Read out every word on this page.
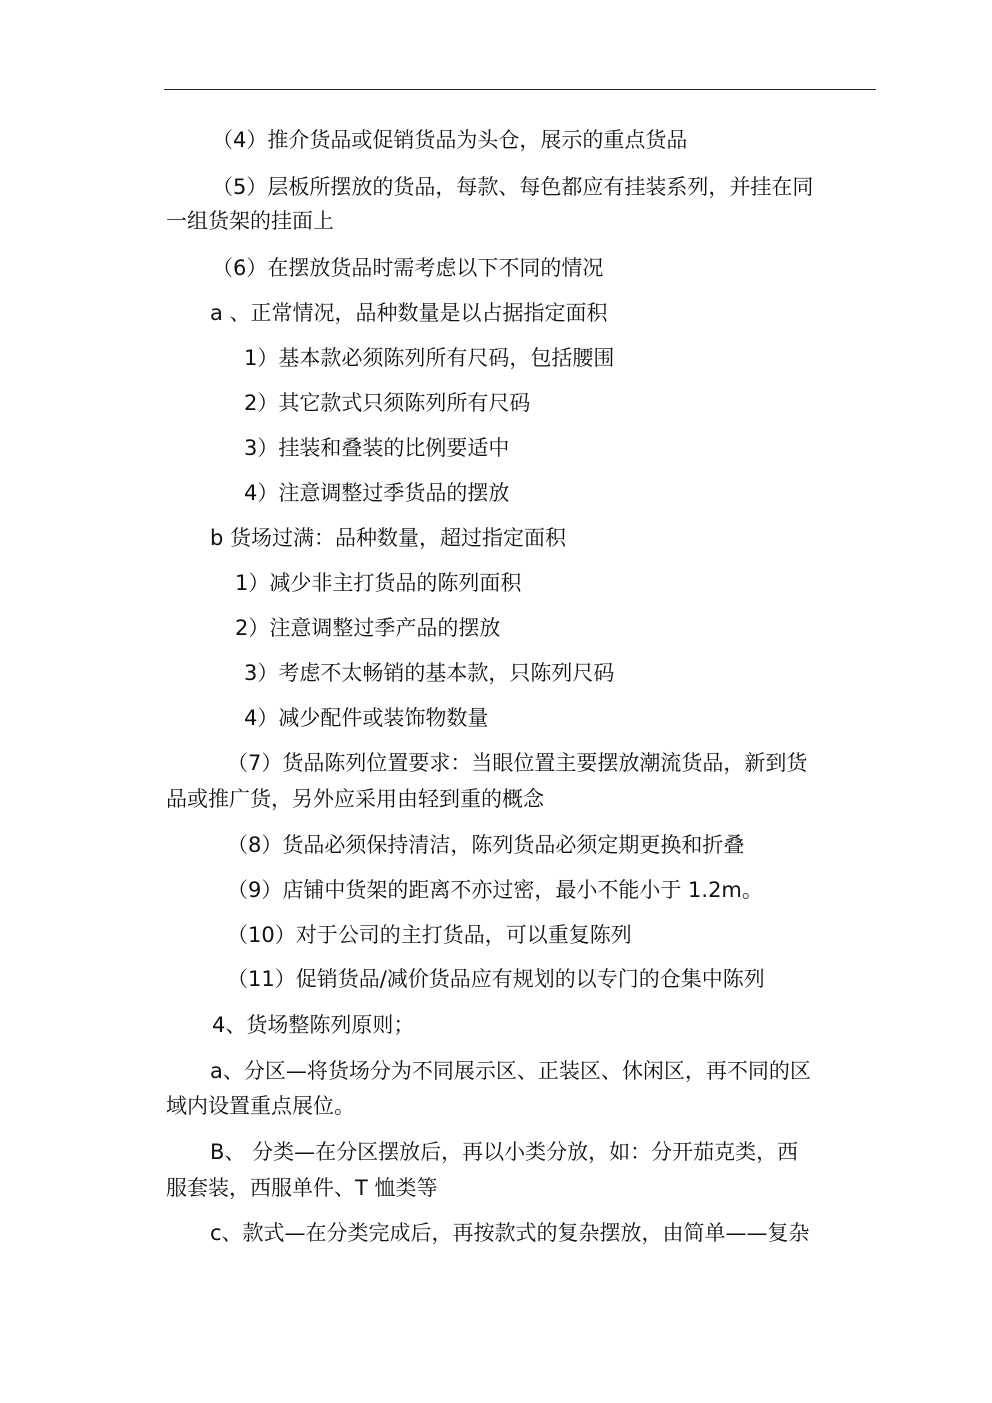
（4）推介货品或促销货品为头仓，展示的重点货品
（5）层板所摆放的货品，每款、每色都应有挂装系列，并挂在同
一组货架的挂面上
（6）在摆放货品时需考虑以下不同的情况
a 、正常情况，品种数量是以占据指定面积
1）基本款必须陈列所有尺码，包括腰围
2）其它款式只须陈列所有尺码
3）挂装和叠装的比例要适中
4）注意调整过季货品的摆放
b 货场过满：品种数量，超过指定面积
1）减少非主打货品的陈列面积
2）注意调整过季产品的摆放
3）考虑不太畅销的基本款，只陈列尺码
4）减少配件或装饰物数量
（7）货品陈列位置要求：当眼位置主要摆放潮流货品，新到货
品或推广货，另外应采用由轻到重的概念
（8）货品必须保持清洁，陈列货品必须定期更换和折叠
（9）店铺中货架的距离不亦过密，最小不能小于 1.2m。
（10）对于公司的主打货品，可以重复陈列
（11）促销货品/减价货品应有规划的以专门的仓集中陈列
4、货场整陈列原则；
a、分区—将货场分为不同展示区、正装区、休闲区，再不同的区
域内设置重点展位。
B、 分类—在分区摆放后，再以小类分放，如：分开茄克类，西
服套装，西服单件、T 恤类等
c、款式—在分类完成后，再按款式的复杂摆放，由简单——复杂
